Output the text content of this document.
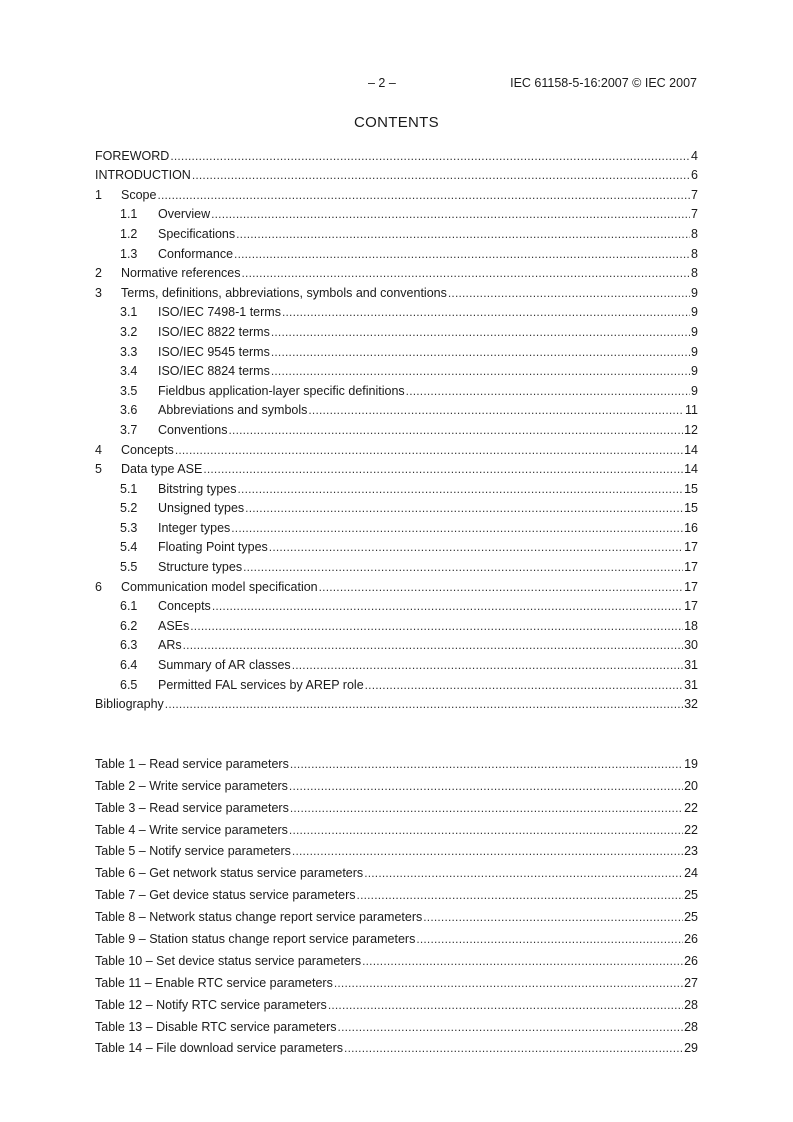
– 2 –	IEC 61158-5-16:2007 © IEC 2007
CONTENTS
FOREWORD .....	4
INTRODUCTION .....	6
1	Scope .....	7
1.1	Overview .....	7
1.2	Specifications .....	8
1.3	Conformance .....	8
2	Normative references .....	8
3	Terms, definitions, abbreviations, symbols and conventions .....	9
3.1	ISO/IEC 7498-1 terms .....	9
3.2	ISO/IEC 8822 terms .....	9
3.3	ISO/IEC 9545 terms .....	9
3.4	ISO/IEC 8824 terms .....	9
3.5	Fieldbus application-layer specific definitions .....	9
3.6	Abbreviations and symbols .....	11
3.7	Conventions .....	12
4	Concepts .....	14
5	Data type ASE .....	14
5.1	Bitstring types .....	15
5.2	Unsigned types .....	15
5.3	Integer types .....	16
5.4	Floating Point types .....	17
5.5	Structure types .....	17
6	Communication model specification .....	17
6.1	Concepts .....	17
6.2	ASEs .....	18
6.3	ARs .....	30
6.4	Summary of AR classes .....	31
6.5	Permitted FAL services by AREP role .....	31
Bibliography .....	32
Table 1 – Read service parameters .....	19
Table 2 – Write service parameters .....	20
Table 3 – Read service parameters .....	22
Table 4 – Write service parameters .....	22
Table 5 – Notify service parameters .....	23
Table 6 – Get network status service parameters .....	24
Table 7 – Get device status service parameters .....	25
Table 8 – Network status change report service parameters .....	25
Table 9 – Station status change report service parameters .....	26
Table 10 – Set device status service parameters .....	26
Table 11 – Enable RTC service parameters .....	27
Table 12 – Notify RTC service parameters .....	28
Table 13 – Disable RTC service parameters .....	28
Table 14 – File download service parameters .....	29
